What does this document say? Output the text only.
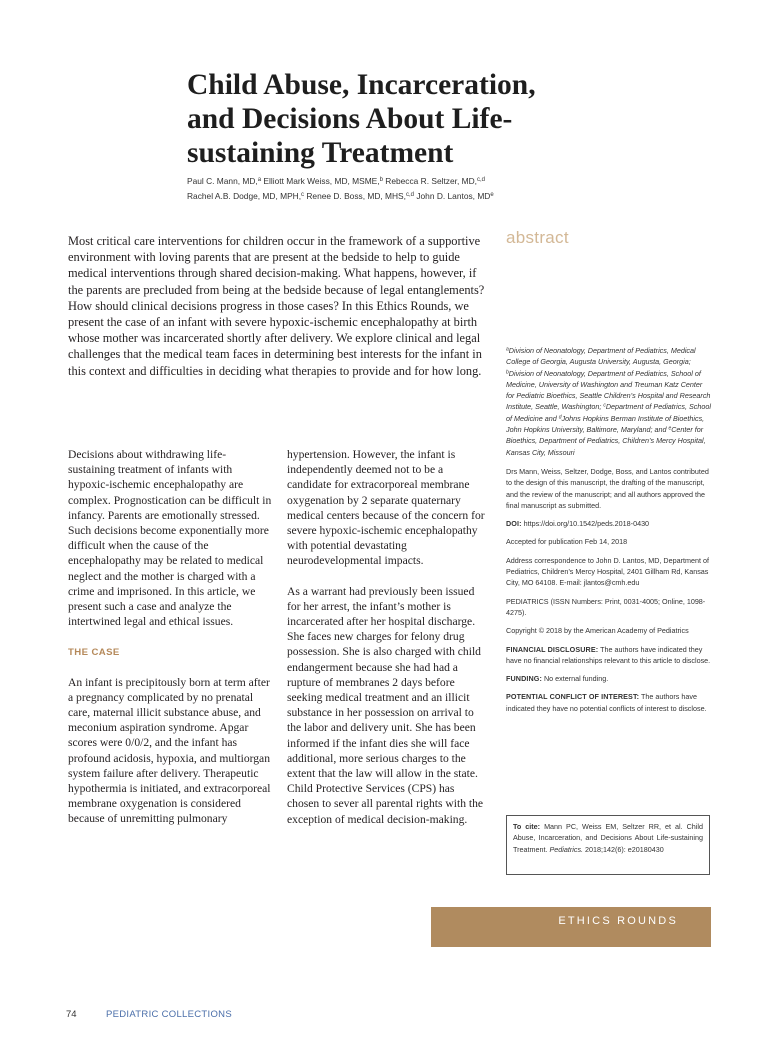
Child Abuse, Incarceration, and Decisions About Life-sustaining Treatment
Paul C. Mann, MD,$^a$ Elliott Mark Weiss, MD, MSME,$^b$ Rebecca R. Seltzer, MD,$^{c,d}$
Rachel A.B. Dodge, MD, MPH,$^c$ Renee D. Boss, MD, MHS,$^{c,d}$ John D. Lantos, MDe

Most critical care interventions for children occur in the framework of a supportive environment with loving parents that are present at the bedside to help to guide medical interventions through shared decision-making. What happens, however, if the parents are precluded from being at the bedside because of legal entanglements? How should clinical decisions progress in those cases? In this Ethics Rounds, we present the case of an infant with severe hypoxic-ischemic encephalopathy at birth whose mother was incarcerated shortly after delivery. We explore clinical and legal challenges that the medical team faces in determining best interests for the infant in this context and difficulties in deciding what therapies to provide and for how long.

abstract

Decisions about withdrawing life-sustaining treatment of infants with hypoxic-ischemic encephalopathy are complex. Prognostication can be difficult in infancy. Parents are emotionally stressed. Such decisions become exponentially more difficult when the cause of the encephalopathy may be related to medical neglect and the mother is charged with a crime and imprisoned. In this article, we present such a case and analyze the intertwined legal and ethical issues.

THE CASE

An infant is precipitously born at term after a pregnancy complicated by no prenatal care, maternal illicit substance abuse, and meconium aspiration syndrome. Apgar scores were 0/0/2, and the infant has profound acidosis, hypoxia, and multiorgan system failure after delivery. Therapeutic hypothermia is initiated, and extracorporeal membrane oxygenation is considered because of unremitting pulmonary

hypertension. However, the infant is independently deemed not to be a candidate for extracorporeal membrane oxygenation by 2 separate quaternary medical centers because of the concern for severe hypoxic-ischemic encephalopathy with potential devastating neurodevelopmental impacts.

As a warrant had previously been issued for her arrest, the infant’s mother is incarcerated after her hospital discharge. She faces new charges for felony drug possession. She is also charged with child endangerment because she had had a rupture of membranes 2 days before seeking medical treatment and an illicit substance in her possession on arrival to the labor and delivery unit. She has been informed if the infant dies she will face additional, more serious charges to the extent that the law will allow in the state. Child Protective Services (CPS) has chosen to sever all parental rights with the exception of medical decision-making.

$^a$Division of Neonatology, Department of Pediatrics, Medical College of Georgia, Augusta University, Augusta, Georgia; $^b$Division of Neonatology, Department of Pediatrics, School of Medicine, University of Washington and Treuman Katz Center for Pediatric Bioethics, Seattle Children’s Hospital and Research Institute, Seattle, Washington; $^c$Department of Pediatrics, School of Medicine and $^d$Johns Hopkins Berman Institute of Bioethics, John Hopkins University, Baltimore, Maryland; and $^e$Center for Bioethics, Department of Pediatrics, Children’s Mercy Hospital, Kansas City, Missouri

Drs Mann, Weiss, Seltzer, Dodge, Boss, and Lantos contributed to the design of this manuscript, the drafting of the manuscript, and the review of the manuscript; and all authors approved the final manuscript as submitted.

DOI: https://doi.org/10.1542/peds.2018-0430

Accepted for publication Feb 14, 2018

Address correspondence to John D. Lantos, MD, Department of Pediatrics, Children’s Mercy Hospital, 2401 Gillham Rd, Kansas City, MO 64108. E-mail: jlantos@cmh.edu

PEDIATRICS (ISSN Numbers: Print, 0031-4005; Online, 1098-4275).

Copyright © 2018 by the American Academy of Pediatrics

FINANCIAL DISCLOSURE: The authors have indicated they have no financial relationships relevant to this article to disclose.

FUNDING: No external funding.

POTENTIAL CONFLICT OF INTEREST: The authors have indicated they have no potential conflicts of interest to disclose.

To cite: Mann PC, Weiss EM, Seltzer RR, et al. Child Abuse, Incarceration, and Decisions About Life-sustaining Treatment. Pediatrics. 2018;142(6): e20180430
ETHICS ROUNDS
74	PEDIATRIC COLLECTIONS
